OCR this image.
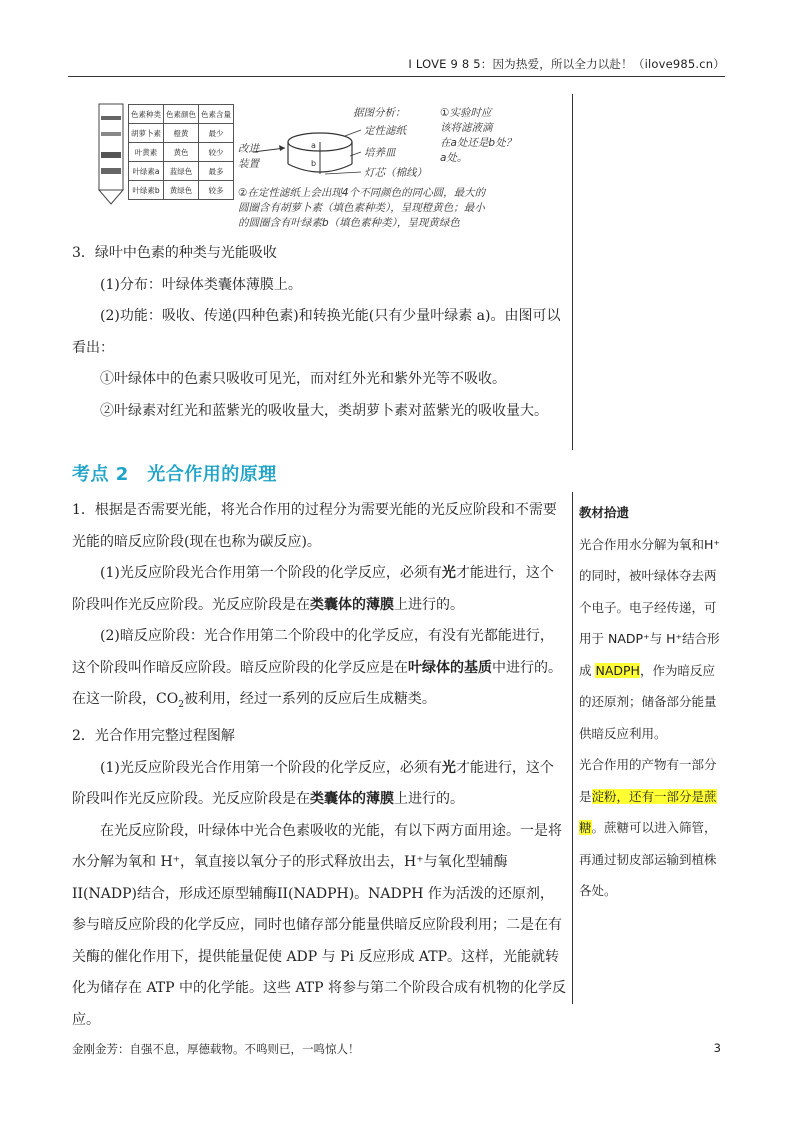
I LOVE 9 8 5：因为热爱，所以全力以赴！（ilove985.cn）
色素种类	色素颜色	色素含量
胡萝卜素	橙黄	最少
叶黄素	黄色	较少
叶绿素a	蓝绿色	最多
叶绿素b	黄绿色	较多
a
b
改进
装置
定性滤纸
培养皿
灯芯（棉线）
据图分析：	①实验时应
该将滤液滴
在a处还是b处？
a处。
②在定性滤纸上会出现4个不同颜色的同心圆，最大的
圆圈含有胡萝卜素（填色素种类），呈现橙黄色；最小
的圆圈含有叶绿素b（填色素种类），呈现黄绿色
3．绿叶中色素的种类与光能吸收
(1)分布：叶绿体类囊体薄膜上。
(2)功能：吸收、传递(四种色素)和转换光能(只有少量叶绿素 a)。由图可以看出：
①叶绿体中的色素只吸收可见光，而对红外光和紫外光等不吸收。
②叶绿素对红光和蓝紫光的吸收量大，类胡萝卜素对蓝紫光的吸收量大。
考点 2　光合作用的原理
1．根据是否需要光能，将光合作用的过程分为需要光能的光反应阶段和不需要光能的暗反应阶段(现在也称为碳反应)。
(1)光反应阶段光合作用第一个阶段的化学反应，必须有光才能进行，这个阶段叫作光反应阶段。光反应阶段是在类囊体的薄膜上进行的。
(2)暗反应阶段：光合作用第二个阶段中的化学反应，有没有光都能进行，这个阶段叫作暗反应阶段。暗反应阶段的化学反应是在叶绿体的基质中进行的。在这一阶段，$CO_2$被利用，经过一系列的反应后生成糖类。
2．光合作用完整过程图解
(1)光反应阶段光合作用第一个阶段的化学反应，必须有光才能进行，这个阶段叫作光反应阶段。光反应阶段是在类囊体的薄膜上进行的。
在光反应阶段，叶绿体中光合色素吸收的光能，有以下两方面用途。一是将水分解为氧和 H⁺，氧直接以氧分子的形式释放出去，H⁺与氧化型辅酶II(NADP)结合，形成还原型辅酶II(NADPH)。NADPH 作为活泼的还原剂，参与暗反应阶段的化学反应，同时也储存部分能量供暗反应阶段利用；二是在有关酶的催化作用下，提供能量促使 ADP 与 Pi 反应形成 ATP。这样，光能就转化为储存在 ATP 中的化学能。这些 ATP 将参与第二个阶段合成有机物的化学反应。
教材拾遗
光合作用水分解为氧和H⁺的同时，被叶绿体夺去两个电子。电子经传递，可用于 NADP⁺与 H⁺结合形成 NADPH，作为暗反应的还原剂；储备部分能量供暗反应利用。
光合作用的产物有一部分是淀粉，还有一部分是蔗糖。蔗糖可以进入筛管，再通过韧皮部运输到植株各处。
金刚金芳：自强不息，厚德载物。不鸣则已，一鸣惊人！	3
